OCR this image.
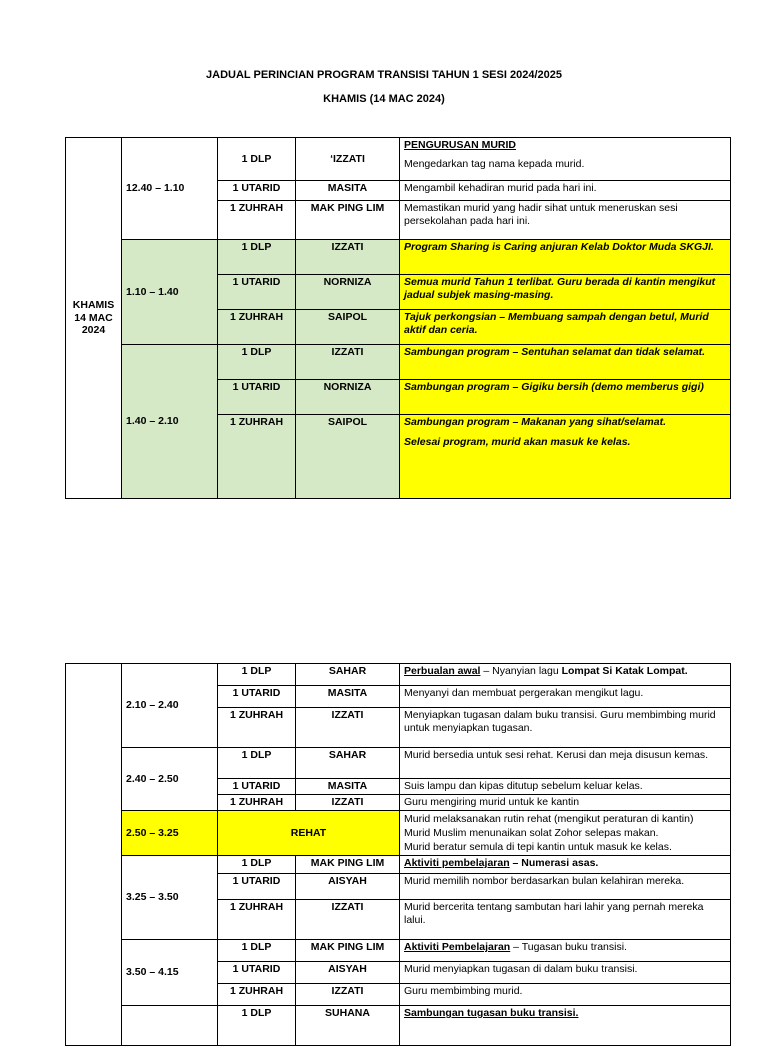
JADUAL PERINCIAN PROGRAM TRANSISI TAHUN 1 SESI 2024/2025
KHAMIS (14 MAC 2024)
KHAMIS
14 MAC
2024	12.40 – 1.10	1 DLP	‘IZZATI	PENGURUSAN MURID
				Mengedarkan tag nama kepada murid.
		1 UTARID	MASITA	Mengambil kehadiran murid pada hari ini.
		1 ZUHRAH	MAK PING LIM	Memastikan murid yang hadir sihat untuk meneruskan sesi persekolahan pada hari ini.
	1.10 – 1.40	1 DLP	IZZATI	Program Sharing is Caring anjuran Kelab Doktor Muda SKGJI.
		1 UTARID	NORNIZA	Semua murid Tahun 1 terlibat. Guru berada di kantin mengikut jadual subjek masing-masing.
		1 ZUHRAH	SAIPOL	Tajuk perkongsian – Membuang sampah dengan betul, Murid aktif dan ceria.
	1.40 – 2.10	1 DLP	IZZATI	Sambungan program – Sentuhan selamat dan tidak selamat.
		1 UTARID	NORNIZA	Sambungan program – Gigiku bersih (demo memberus gigi)
		1 ZUHRAH	SAIPOL	Sambungan program – Makanan yang sihat/selamat.
Selesai program, murid akan masuk ke kelas.
	2.10 – 2.40	1 DLP	SAHAR	Perbualan awal – Nyanyian lagu Lompat Si Katak Lompat.
		1 UTARID	MASITA	Menyanyi dan membuat pergerakan mengikut lagu.
		1 ZUHRAH	IZZATI	Menyiapkan tugasan dalam buku transisi. Guru membimbing murid untuk menyiapkan tugasan.
	2.40 – 2.50	1 DLP	SAHAR	Murid bersedia untuk sesi rehat. Kerusi dan meja disusun kemas.
		1 UTARID	MASITA	Suis lampu dan kipas ditutup sebelum keluar kelas.
		1 ZUHRAH	IZZATI	Guru mengiring murid untuk ke kantin
	2.50 – 3.25	REHAT		Murid melaksanakan rutin rehat (mengikut peraturan di kantin)
Murid Muslim menunaikan solat Zohor selepas makan.
Murid beratur semula di tepi kantin untuk masuk ke kelas.

	3.25 – 3.50	1 DLP	MAK PING LIM	Aktiviti pembelajaran – Numerasi asas.
		1 UTARID	AISYAH	Murid memilih nombor berdasarkan bulan kelahiran mereka.
		1 ZUHRAH	IZZATI	Murid bercerita tentang sambutan hari lahir yang pernah mereka lalui.
	3.50 – 4.15	1 DLP	MAK PING LIM	Aktiviti Pembelajaran – Tugasan buku transisi.
		1 UTARID	AISYAH	Murid menyiapkan tugasan di dalam buku transisi.
		1 ZUHRAH	IZZATI	Guru membimbing murid.
		1 DLP	SUHANA	Sambungan tugasan buku transisi.
